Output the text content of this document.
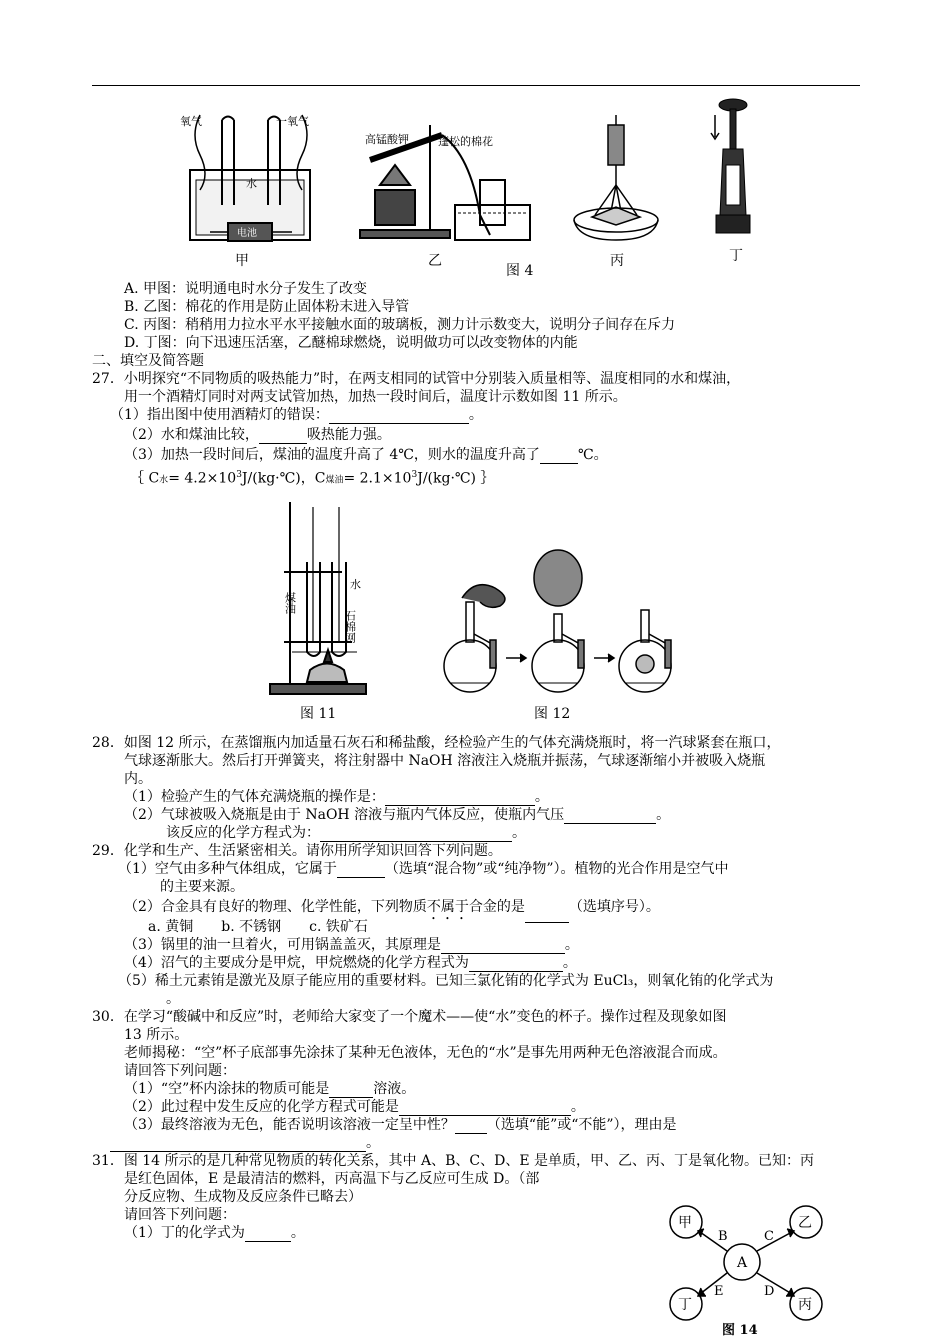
氧气	一氧气
水
电池
甲
高锰酸钾	蓬松的棉花
乙	丙	丁
图 4
A. 甲图：说明通电时水分子发生了改变
B. 乙图：棉花的作用是防止固体粉末进入导管
C. 丙图：稍稍用力拉水平水平接触水面的玻璃板，测力计示数变大，说明分子间存在斥力
D. 丁图：向下迅速压活塞，乙醚棉球燃烧，说明做功可以改变物体的内能
二、填空及简答题
27．小明探究“不同物质的吸热能力”时，在两支相同的试管中分别装入质量相等、温度相同的水和煤油，
用一个酒精灯同时对两支试管加热，加热一段时间后，温度计示数如图 11 所示。
（1）指出图中使用酒精灯的错误：	。
（2）水和煤油比较，	吸热能力强。
（3）加热一段时间后，煤油的温度升高了 4℃，则水的温度升高了	℃。
｛ C水= $4.2\times 10^3J/(kg\cdot℃)$，C煤油= $2.1\times 10^3J/(kg\cdot℃)$ ｝
煤油
水
石棉网
图 11	图 12
28．如图 12 所示，在蒸馏瓶内加适量石灰石和稀盐酸，经检验产生的气体充满烧瓶时，将一汽球紧套在瓶口，
气球逐渐胀大。然后打开弹簧夹，将注射器中 NaOH 溶液注入烧瓶并振荡，气球逐渐缩小并被吸入烧瓶
内。
（1）检验产生的气体充满烧瓶的操作是：	。
（2）气球被吸入烧瓶是由于 NaOH 溶液与瓶内气体反应，使瓶内气压	。
该反应的化学方程式为：	。
29．化学和生产、生活紧密相关。请你用所学知识回答下列问题。
（1）空气由多种气体组成，它属于	（选填“混合物”或“纯净物”）。植物的光合作用是空气中
的主要来源。
（2）合金具有良好的物理、化学性能，下列物质不属于合金的是	（选填序号）。
a. 黄铜　　b. 不锈钢　　c. 铁矿石
（3）锅里的油一旦着火，可用锅盖盖灭，其原理是	。
（4）沼气的主要成分是甲烷，甲烷燃烧的化学方程式为	。
（5）稀土元素铕是激光及原子能应用的重要材料。已知三氯化铕的化学式为 EuCl₃，则氧化铕的化学式为
。
30．在学习“酸碱中和反应”时，老师给大家变了一个魔术——使“水”变色的杯子。操作过程及现象如图
13 所示。
老师揭秘：“空”杯子底部事先涂抹了某种无色液体，无色的“水”是事先用两种无色溶液混合而成。
请回答下列问题：
（1）“空”杯内涂抹的物质可能是	溶液。
（2）此过程中发生反应的化学方程式可能是	。
（3）最终溶液为无色，能否说明该溶液一定呈中性？ （选填“能”或“不能”），理由是
。
31．图 14 所示的是几种常见物质的转化关系，其中 A、B、C、D、E 是单质，甲、乙、丙、丁是氧化物。已知：丙
是红色固体，E 是最清洁的燃料，丙高温下与乙反应可生成 D。（部
分反应物、生成物及反应条件已略去）
请回答下列问题：
（1）丁的化学式为	。
A
甲	乙
丁	丙
B	C
E	D
图 14
